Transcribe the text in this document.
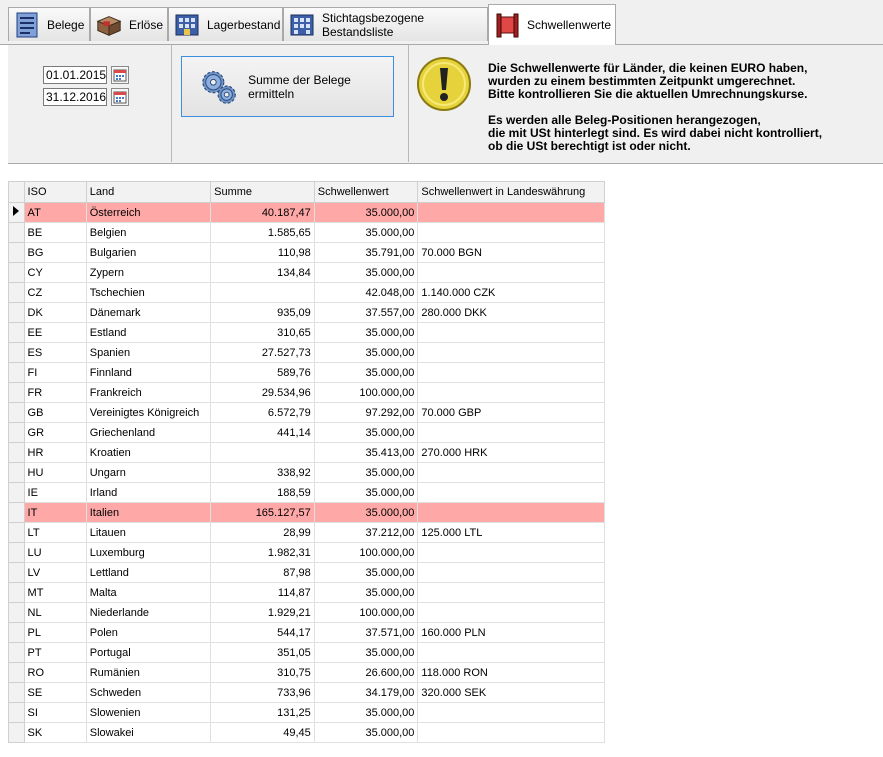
Belege	Erlöse	Lagerbestand	Stichtagsbezogene Bestandsliste	Schwellenwerte
01.01.2015
31.12.2016
Summe der Belege ermitteln
Die Schwellenwerte für Länder, die keinen EURO haben,
wurden zu einem bestimmten Zeitpunkt umgerechnet.
Bitte kontrollieren Sie die aktuellen Umrechnungskurse.

Es werden alle Beleg-Positionen herangezogen,
die mit USt hinterlegt sind. Es wird dabei nicht kontrolliert,
ob die USt berechtigt ist oder nicht.
	ISO	Land	Summe	Schwellenwert	Schwellenwert in Landeswährung
	AT	Österreich	40.187,47	35.000,00	
	BE	Belgien	1.585,65	35.000,00	
	BG	Bulgarien	110,98	35.791,00	70.000 BGN
	CY	Zypern	134,84	35.000,00	
	CZ	Tschechien		42.048,00	1.140.000 CZK
	DK	Dänemark	935,09	37.557,00	280.000 DKK
	EE	Estland	310,65	35.000,00	
	ES	Spanien	27.527,73	35.000,00	
	FI	Finnland	589,76	35.000,00	
	FR	Frankreich	29.534,96	100.000,00	
	GB	Vereinigtes Königreich	6.572,79	97.292,00	70.000 GBP
	GR	Griechenland	441,14	35.000,00	
	HR	Kroatien		35.413,00	270.000 HRK
	HU	Ungarn	338,92	35.000,00	
	IE	Irland	188,59	35.000,00	
	IT	Italien	165.127,57	35.000,00	
	LT	Litauen	28,99	37.212,00	125.000 LTL
	LU	Luxemburg	1.982,31	100.000,00	
	LV	Lettland	87,98	35.000,00	
	MT	Malta	114,87	35.000,00	
	NL	Niederlande	1.929,21	100.000,00	
	PL	Polen	544,17	37.571,00	160.000 PLN
	PT	Portugal	351,05	35.000,00	
	RO	Rumänien	310,75	26.600,00	118.000 RON
	SE	Schweden	733,96	34.179,00	320.000 SEK
	SI	Slowenien	131,25	35.000,00	
	SK	Slowakei	49,45	35.000,00	
